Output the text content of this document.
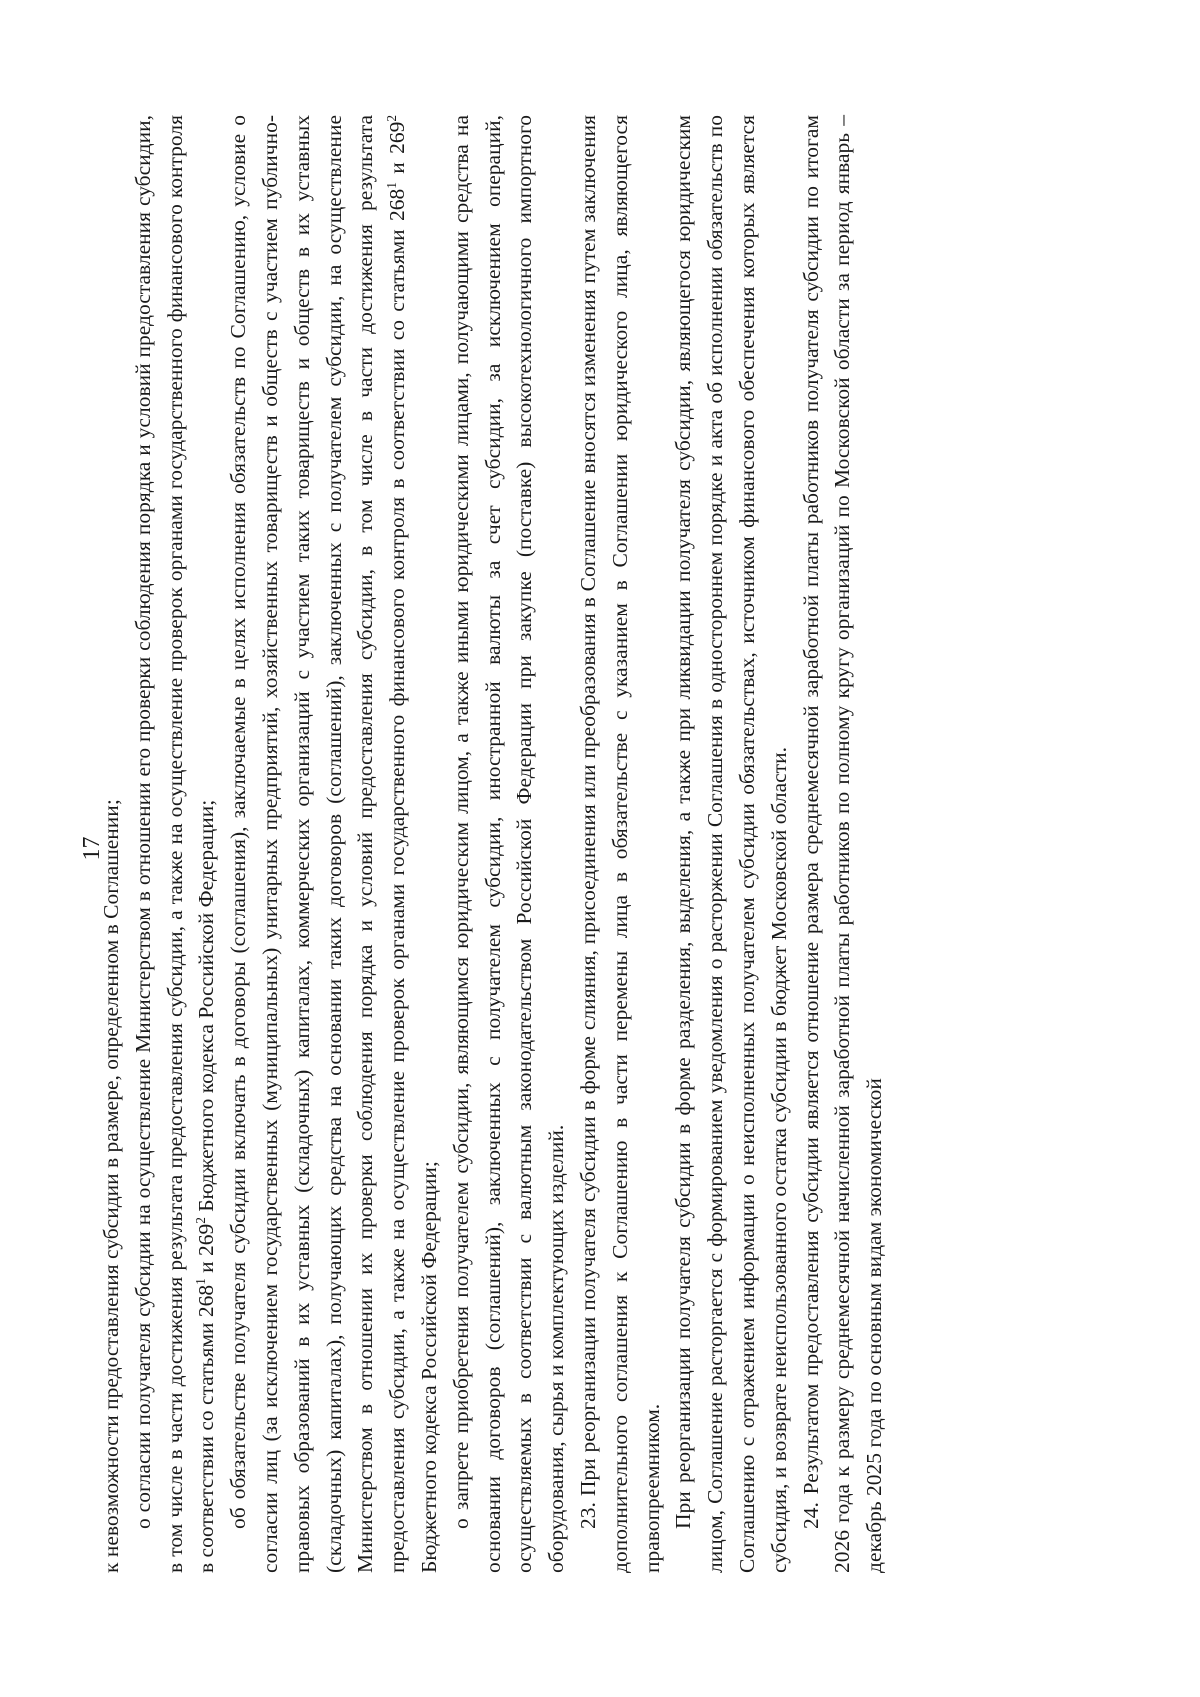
17

к невозможности предоставления субсидии в размере, определенном в Соглашении; о согласии получателя субсидии на осуществление Министерством в отношении его проверки соблюдения порядка и условий предоставления субсидии, в том числе в части достижения результата предоставления субсидии, а также на осуществление проверок органами государственного финансового контроля в соответствии со статьями $268^1$ и $269^2$ Бюджетного кодекса Российской Федерации; об обязательстве получателя субсидии включать в договоры (соглашения), заключаемые в целях исполнения обязательств по Соглашению, условие о согласии лиц (за исключением государственных (муниципальных) унитарных предприятий, хозяйственных товариществ и обществ с участием публично-правовых образований в их уставных (складочных) капиталах, коммерческих организаций с участием таких товариществ и обществ в их уставных (складочных) капиталах), получающих средства на основании таких договоров (соглашений), заключенных с получателем субсидии, на осуществление Министерством в отношении их проверки соблюдения порядка и условий предоставления субсидии, в том числе в части достижения результата предоставления субсидии, а также на осуществление проверок органами государственного финансового контроля в соответствии со статьями $268^1$ и $269^2$ Бюджетного кодекса Российской Федерации; о запрете приобретения получателем субсидии, являющимся юридическим лицом, а также иными юридическими лицами, получающими средства на основании договоров (соглашений), заключенных с получателем субсидии, иностранной валюты за счет субсидии, за исключением операций, осуществляемых в соответствии с валютным законодательством Российской Федерации при закупке (поставке) высокотехнологичного импортного оборудования, сырья и комплектующих изделий. 23. При реорганизации получателя субсидии в форме слияния, присоединения или преобразования в Соглашение вносятся изменения путем заключения дополнительного соглашения к Соглашению в части перемены лица в обязательстве с указанием в Соглашении юридического лица, являющегося правопреемником. При реорганизации получателя субсидии в форме разделения, выделения, а также при ликвидации получателя субсидии, являющегося юридическим лицом, Соглашение расторгается с формированием уведомления о расторжении Соглашения в одностороннем порядке и акта об исполнении обязательств по Соглашению с отражением информации о неисполненных получателем субсидии обязательствах, источником финансового обеспечения которых является субсидия, и возврате неиспользованного остатка субсидии в бюджет Московской области. 24. Результатом предоставления субсидии является отношение размера среднемесячной заработной платы работников получателя субсидии по итогам 2026 года к размеру среднемесячной начисленной заработной платы работников по полному кругу организаций по Московской области за период январь – декабрь 2025 года по основным видам экономической
